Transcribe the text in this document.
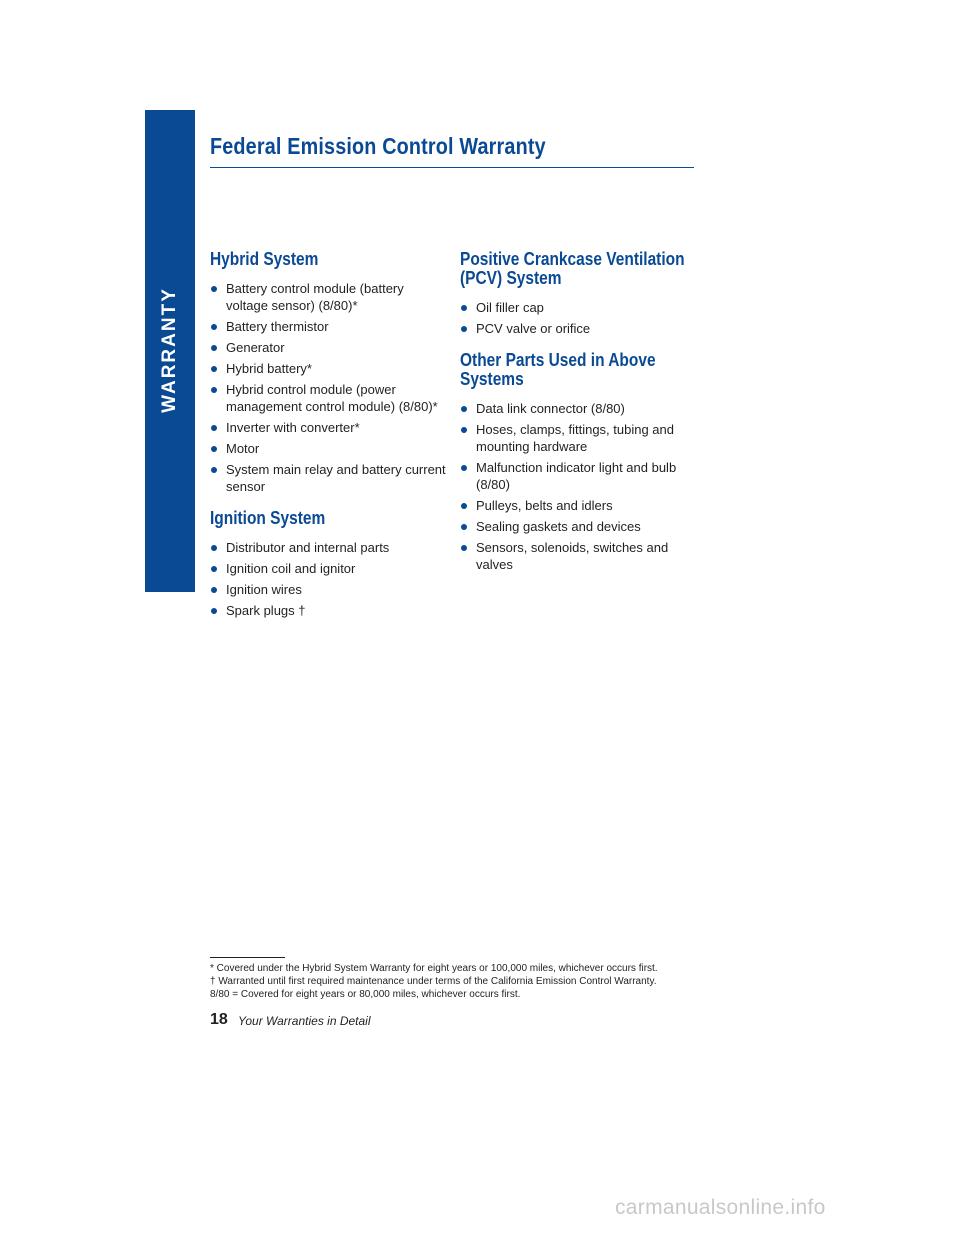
WARRANTY
Federal Emission Control Warranty
Hybrid System
Battery control module (battery voltage sensor) (8/80)*
Battery thermistor
Generator
Hybrid battery*
Hybrid control module (power management control module) (8/80)*
Inverter with converter*
Motor
System main relay and battery current sensor
Ignition System
Distributor and internal parts
Ignition coil and ignitor
Ignition wires
Spark plugs †
Positive Crankcase Ventilation
(PCV) System
Oil filler cap
PCV valve or orifice
Other Parts Used in Above
Systems
Data link connector (8/80)
Hoses, clamps, fittings, tubing and mounting hardware
Malfunction indicator light and bulb (8/80)
Pulleys, belts and idlers
Sealing gaskets and devices
Sensors, solenoids, switches and valves
* Covered under the Hybrid System Warranty for eight years or 100,000 miles, whichever occurs first.
† Warranted until first required maintenance under terms of the California Emission Control Warranty.
8/80 = Covered for eight years or 80,000 miles, whichever occurs first.
18 Your Warranties in Detail
carmanualsonline.info
